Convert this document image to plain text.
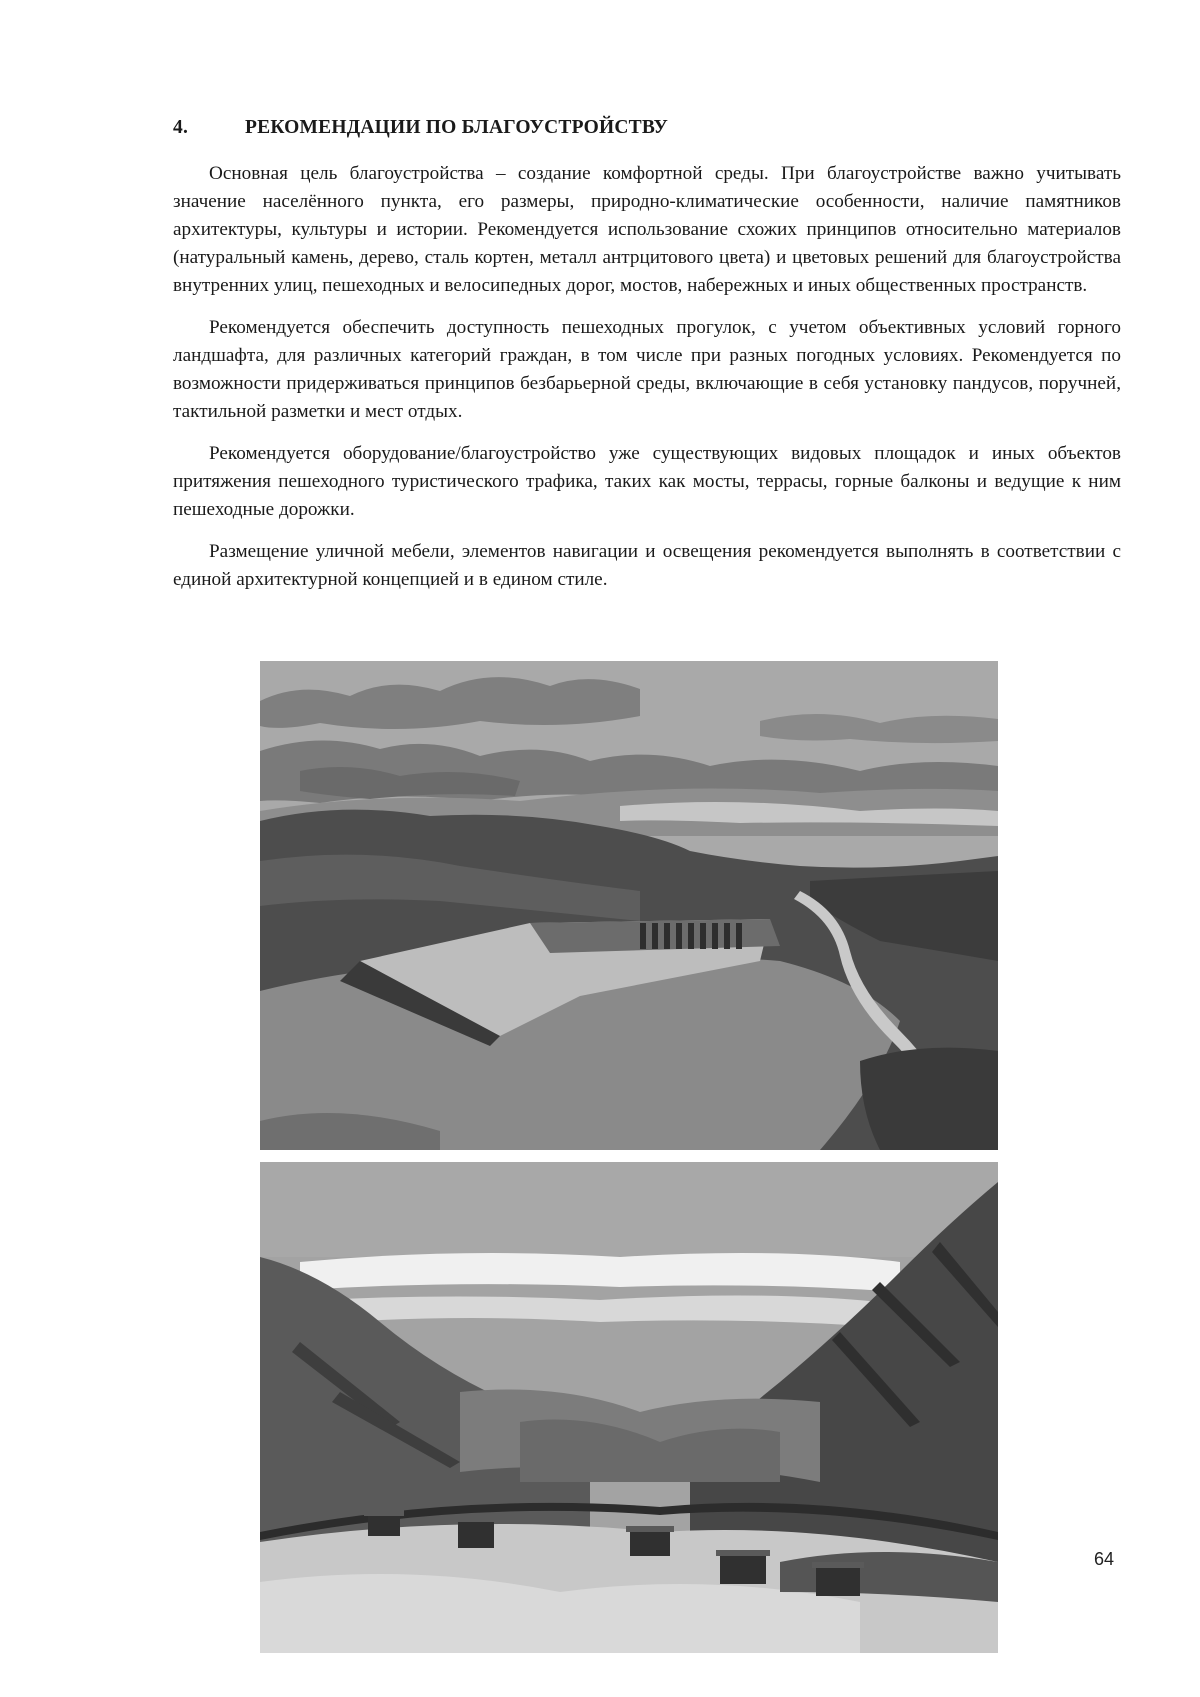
4.	РЕКОМЕНДАЦИИ ПО БЛАГОУСТРОЙСТВУ

Основная цель благоустройства – создание комфортной среды. При благоустройстве важно учитывать значение населённого пункта, его размеры, природно-климатические особенности, наличие памятников архитектуры, культуры и истории. Рекомендуется использование схожих принципов относительно материалов (натуральный камень, дерево, сталь кортен, металл антрцитового цвета) и цветовых решений для благоустройства внутренних улиц, пешеходных и велосипедных дорог, мостов, набережных и иных общественных пространств.

Рекомендуется обеспечить доступность пешеходных прогулок, с учетом объективных условий горного ландшафта, для различных категорий граждан, в том числе при разных погодных условиях. Рекомендуется по возможности придерживаться принципов безбарьерной среды, включающие в себя установку пандусов, поручней, тактильной разметки и мест отдых.

Рекомендуется оборудование/благоустройство уже существующих видовых площадок и иных объектов притяжения пешеходного туристического трафика, таких как мосты, террасы, горные балконы и ведущие к ним пешеходные дорожки.

Размещение уличной мебели, элементов навигации и освещения рекомендуется выполнять в соответствии с единой архитектурной концепцией и в едином стиле.

64
